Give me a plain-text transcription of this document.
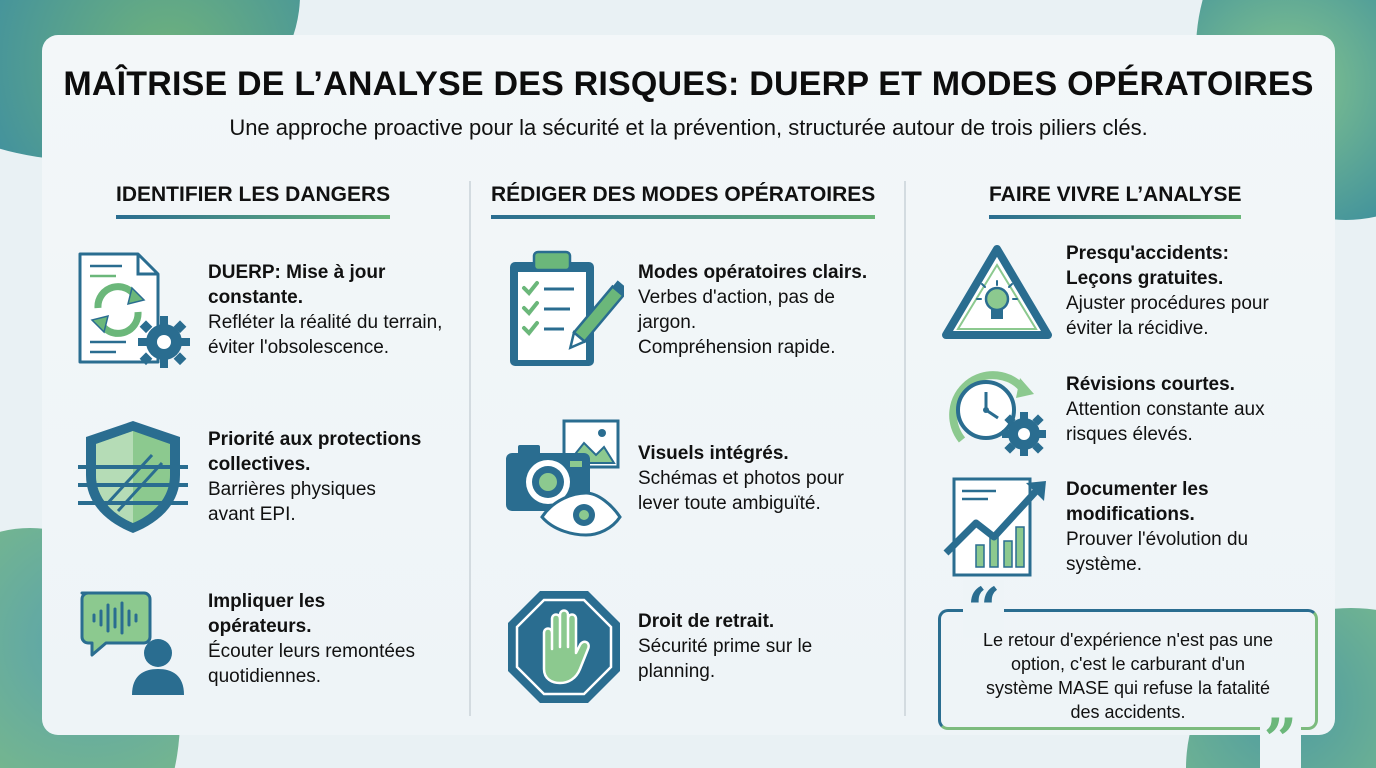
MAÎTRISE DE L’ANALYSE DES RISQUES: DUERP ET MODES OPÉRATOIRES
Une approche proactive pour la sécurité et la prévention, structurée autour de trois piliers clés.
IDENTIFIER LES DANGERS	RÉDIGER DES MODES OPÉRATOIRES	FAIRE VIVRE L’ANALYSE
DUERP: Mise à jour
constante.
Refléter la réalité du terrain,
éviter l'obsolescence.
Priorité aux protections
collectives.
Barrières physiques
avant EPI.
Impliquer les
opérateurs.
Écouter leurs remontées
quotidiennes.
Modes opératoires clairs.
Verbes d'action, pas de
jargon.
Compréhension rapide.
Visuels intégrés.
Schémas et photos pour
lever toute ambiguïté.
Droit de retrait.
Sécurité prime sur le
planning.
Presqu'accidents:
Leçons gratuites.
Ajuster procédures pour
éviter la récidive.
Révisions courtes.
Attention constante aux
risques élevés.
Documenter les
modifications.
Prouver l'évolution du
système.
“
Le retour d'expérience n'est pas une
option, c'est le carburant d'un
système MASE qui refuse la fatalité
des accidents.	”
